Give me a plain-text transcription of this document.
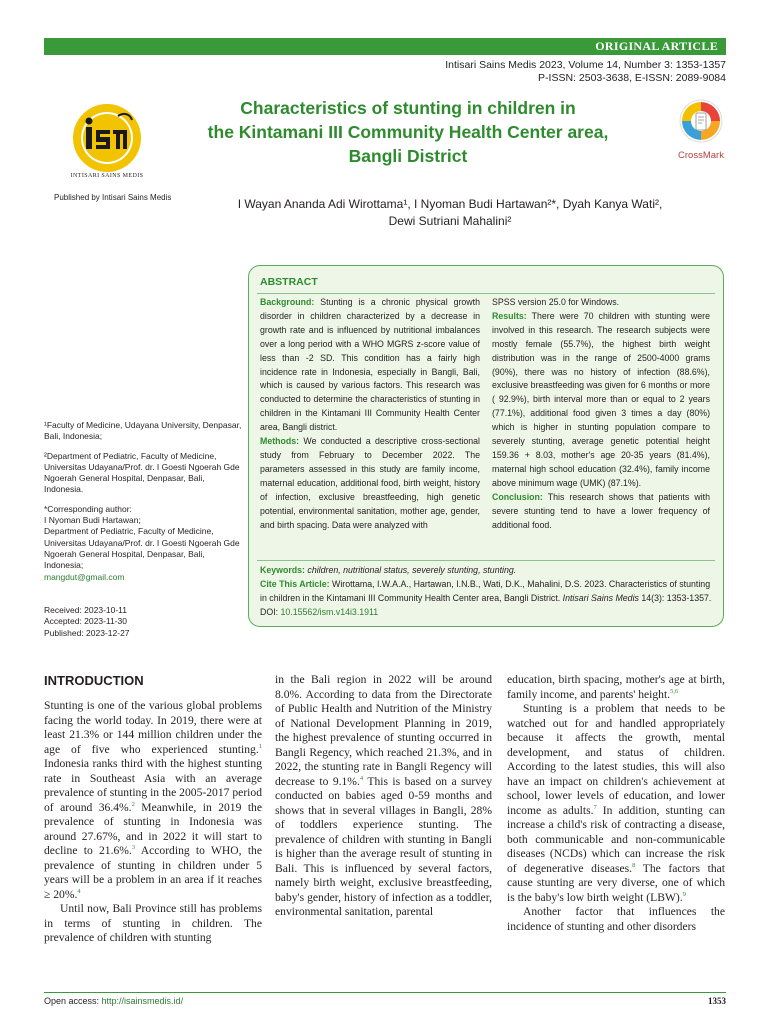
ORIGINAL ARTICLE
Intisari Sains Medis 2023, Volume 14, Number 3: 1353-1357
P-ISSN: 2503-3638, E-ISSN: 2089-9084
INTISARI SAINS MEDIS
Published by Intisari Sains Medis
Characteristics of stunting in children in
the Kintamani III Community Health Center area,
Bangli District	CrossMark
I Wayan Ananda Adi Wirottama¹, I Nyoman Budi Hartawan²*, Dyah Kanya Wati²,
Dewi Sutriani Mahalini²
ABSTRACT

Background: Stunting is a chronic physical growth disorder in children characterized by a decrease in growth rate and is influenced by nutritional imbalances over a long period with a WHO MGRS z-score value of less than -2 SD. This condition has a fairly high incidence rate in Indonesia, especially in Bangli, Bali, which is caused by various factors. This research was conducted to determine the characteristics of stunting in children in the Kintamani III Community Health Center area, Bangli district.

Methods: We conducted a descriptive cross-sectional study from February to December 2022. The parameters assessed in this study are family income, maternal education, additional food, birth weight, history of infection, exclusive breastfeeding, high genetic potential, environmental sanitation, mother age, gender, and birth spacing. Data were analyzed with

SPSS version 25.0 for Windows.

Results: There were 70 children with stunting were involved in this research. The research subjects were mostly female (55.7%), the highest birth weight distribution was in the range of 2500-4000 grams (90%), there was no history of infection (88.6%), exclusive breastfeeding was given for 6 months or more ( 92.9%), birth interval more than or equal to 2 years (77.1%), additional food given 3 times a day (80%) which is higher in stunting population compare to severely stunting, average genetic potential height 159.36 + 8.03, mother's age 20-35 years (81.4%), maternal high school education (32.4%), family income above minimum wage (UMK) (87.1%).

Conclusion: This research shows that patients with severe stunting tend to have a lower frequency of additional food.

Keywords: children, nutritional status, severely stunting, stunting.
Cite This Article: Wirottama, I.W.A.A., Hartawan, I.N.B., Wati, D.K., Mahalini, D.S. 2023. Characteristics of stunting in children in the Kintamani III Community Health Center area, Bangli District. Intisari Sains Medis 14(3): 1353-1357. DOI: 10.15562/ism.v14i3.1911

¹Faculty of Medicine, Udayana University, Denpasar, Bali, Indonesia;

²Department of Pediatric, Faculty of Medicine, Universitas Udayana/Prof. dr. I Goesti Ngoerah Gde Ngoerah General Hospital, Denpasar, Bali, Indonesia.

*Corresponding author:
I Nyoman Budi Hartawan;
Department of Pediatric, Faculty of Medicine, Universitas Udayana/Prof. dr. I Goesti Ngoerah Gde Ngoerah General Hospital, Denpasar, Bali, Indonesia;
mangdut@gmail.com
Received: 2023-10-11
Accepted: 2023-11-30
Published: 2023-12-27
INTRODUCTION

Stunting is one of the various global problems facing the world today. In 2019, there were at least 21.3% or 144 million children under the age of five who experienced stunting.$^1$ Indonesia ranks third with the highest stunting rate in Southeast Asia with an average prevalence of stunting in the 2005-2017 period of around 36.4%.$^2$ Meanwhile, in 2019 the prevalence of stunting in Indonesia was around 27.67%, and in 2022 it will start to decline to 21.6%.$^3$ According to WHO, the prevalence of stunting in children under 5 years will be a problem in an area if it reaches ≥ 20%.$^4$

Until now, Bali Province still has problems in terms of stunting in children. The prevalence of children with stunting

in the Bali region in 2022 will be around 8.0%. According to data from the Directorate of Public Health and Nutrition of the Ministry of National Development Planning in 2019, the highest prevalence of stunting occurred in Bangli Regency, which reached 21.3%, and in 2022, the stunting rate in Bangli Regency will decrease to 9.1%.$^4$ This is based on a survey conducted on babies aged 0-59 months and shows that in several villages in Bangli, 28% of toddlers experience stunting. The prevalence of children with stunting in Bangli is higher than the average result of stunting in Bali. This is influenced by several factors, namely birth weight, exclusive breastfeeding, baby's gender, history of infection as a toddler, environmental sanitation, parental

education, birth spacing, mother's age at birth, family income, and parents' height.$^{5,6}$

Stunting is a problem that needs to be watched out for and handled appropriately because it affects the growth, mental development, and status of children. According to the latest studies, this will also have an impact on children's achievement at school, lower levels of education, and lower income as adults.$^7$ In addition, stunting can increase a child's risk of contracting a disease, both communicable and non-communicable diseases (NCDs) which can increase the risk of degenerative diseases.$^8$ The factors that cause stunting are very diverse, one of which is the baby's low birth weight (LBW).$^9$

Another factor that influences the incidence of stunting and other disorders

Open access: http://isainsmedis.id/	1353
